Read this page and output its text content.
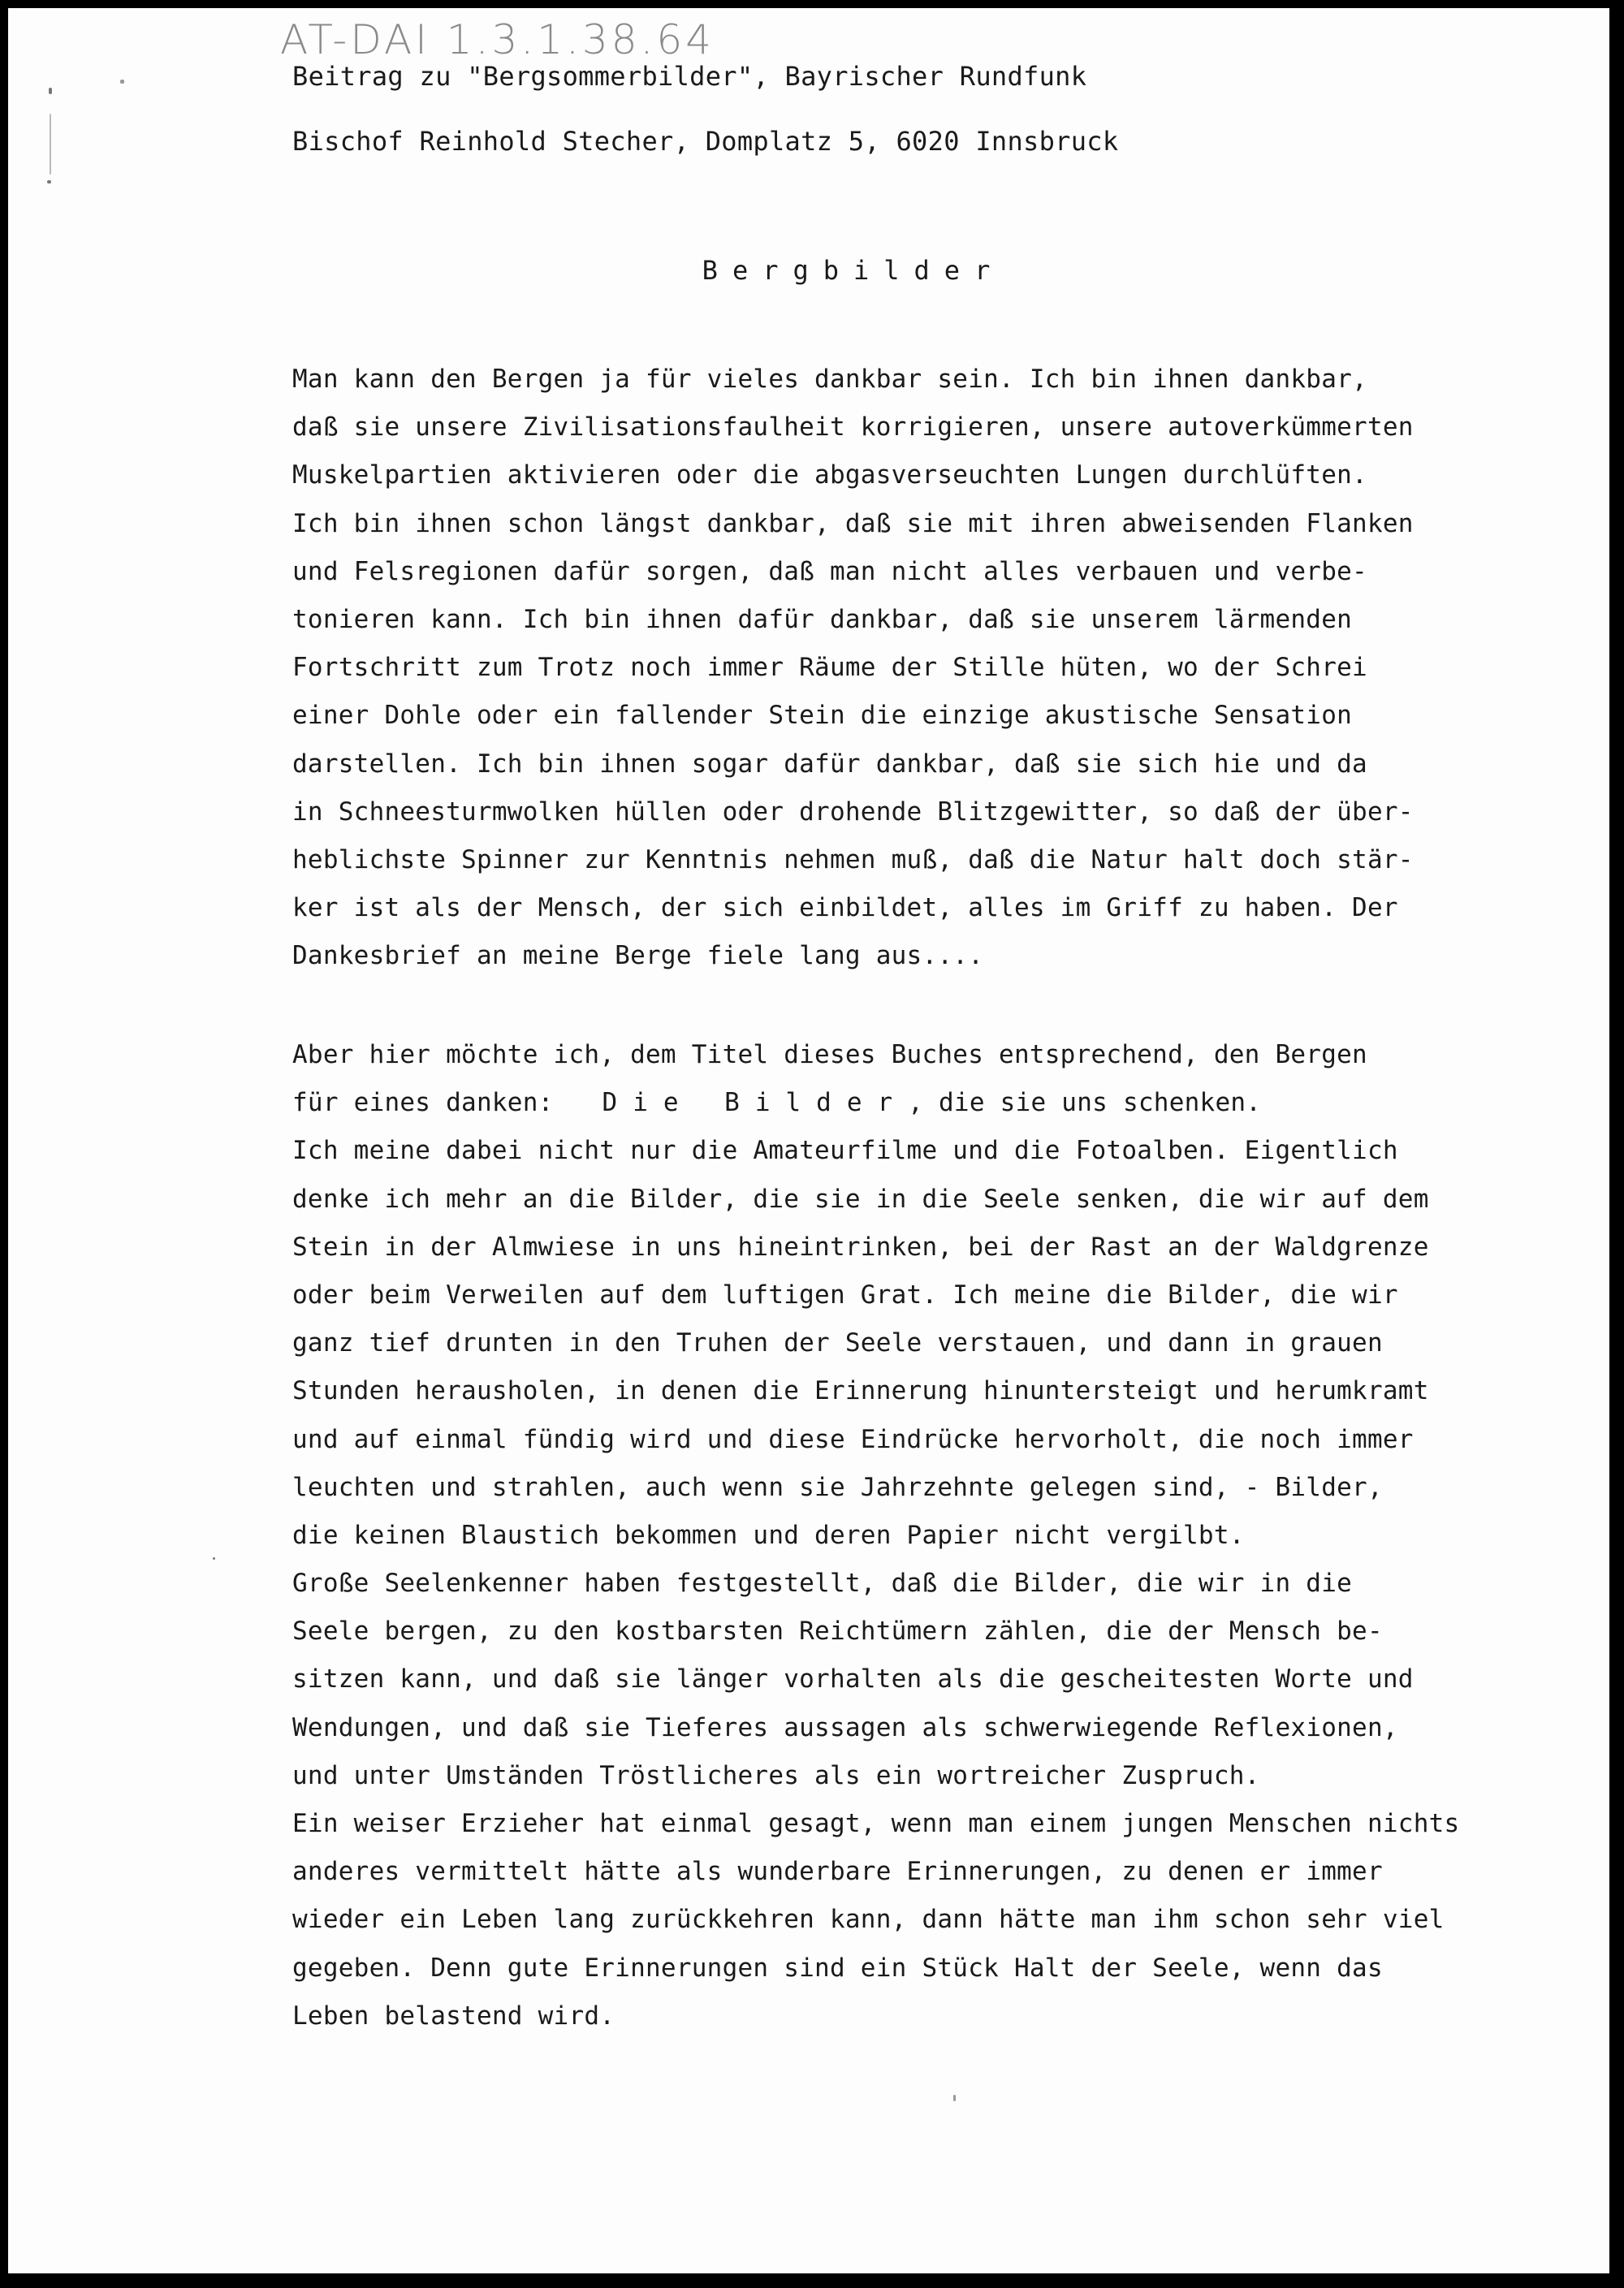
AT-DAI 1.3.1.38.64
Beitrag zu "Bergsommerbilder", Bayrischer Rundfunk
Bischof Reinhold Stecher, Domplatz 5, 6020 Innsbruck
Bergbilder
Man kann den Bergen ja für vieles dankbar sein. Ich bin ihnen dankbar,
daß sie unsere Zivilisationsfaulheit korrigieren, unsere autoverkümmerten
Muskelpartien aktivieren oder die abgasverseuchten Lungen durchlüften.
Ich bin ihnen schon längst dankbar, daß sie mit ihren abweisenden Flanken
und Felsregionen dafür sorgen, daß man nicht alles verbauen und verbe-
tonieren kann. Ich bin ihnen dafür dankbar, daß sie unserem lärmenden
Fortschritt zum Trotz noch immer Räume der Stille hüten, wo der Schrei
einer Dohle oder ein fallender Stein die einzige akustische Sensation
darstellen. Ich bin ihnen sogar dafür dankbar, daß sie sich hie und da
in Schneesturmwolken hüllen oder drohende Blitzgewitter, so daß der über-
heblichste Spinner zur Kenntnis nehmen muß, daß die Natur halt doch stär-
ker ist als der Mensch, der sich einbildet, alles im Griff zu haben. Der
Dankesbrief an meine Berge fiele lang aus....
Aber hier möchte ich, dem Titel dieses Buches entsprechend, den Bergen
für eines danken: Die Bilder, die sie uns schenken.
Ich meine dabei nicht nur die Amateurfilme und die Fotoalben. Eigentlich
denke ich mehr an die Bilder, die sie in die Seele senken, die wir auf dem
Stein in der Almwiese in uns hineintrinken, bei der Rast an der Waldgrenze
oder beim Verweilen auf dem luftigen Grat. Ich meine die Bilder, die wir
ganz tief drunten in den Truhen der Seele verstauen, und dann in grauen
Stunden herausholen, in denen die Erinnerung hinuntersteigt und herumkramt
und auf einmal fündig wird und diese Eindrücke hervorholt, die noch immer
leuchten und strahlen, auch wenn sie Jahrzehnte gelegen sind, - Bilder,
die keinen Blaustich bekommen und deren Papier nicht vergilbt.
Große Seelenkenner haben festgestellt, daß die Bilder, die wir in die
Seele bergen, zu den kostbarsten Reichtümern zählen, die der Mensch be-
sitzen kann, und daß sie länger vorhalten als die gescheitesten Worte und
Wendungen, und daß sie Tieferes aussagen als schwerwiegende Reflexionen,
und unter Umständen Tröstlicheres als ein wortreicher Zuspruch.
Ein weiser Erzieher hat einmal gesagt, wenn man einem jungen Menschen nichts
anderes vermittelt hätte als wunderbare Erinnerungen, zu denen er immer
wieder ein Leben lang zurückkehren kann, dann hätte man ihm schon sehr viel
gegeben. Denn gute Erinnerungen sind ein Stück Halt der Seele, wenn das
Leben belastend wird.
